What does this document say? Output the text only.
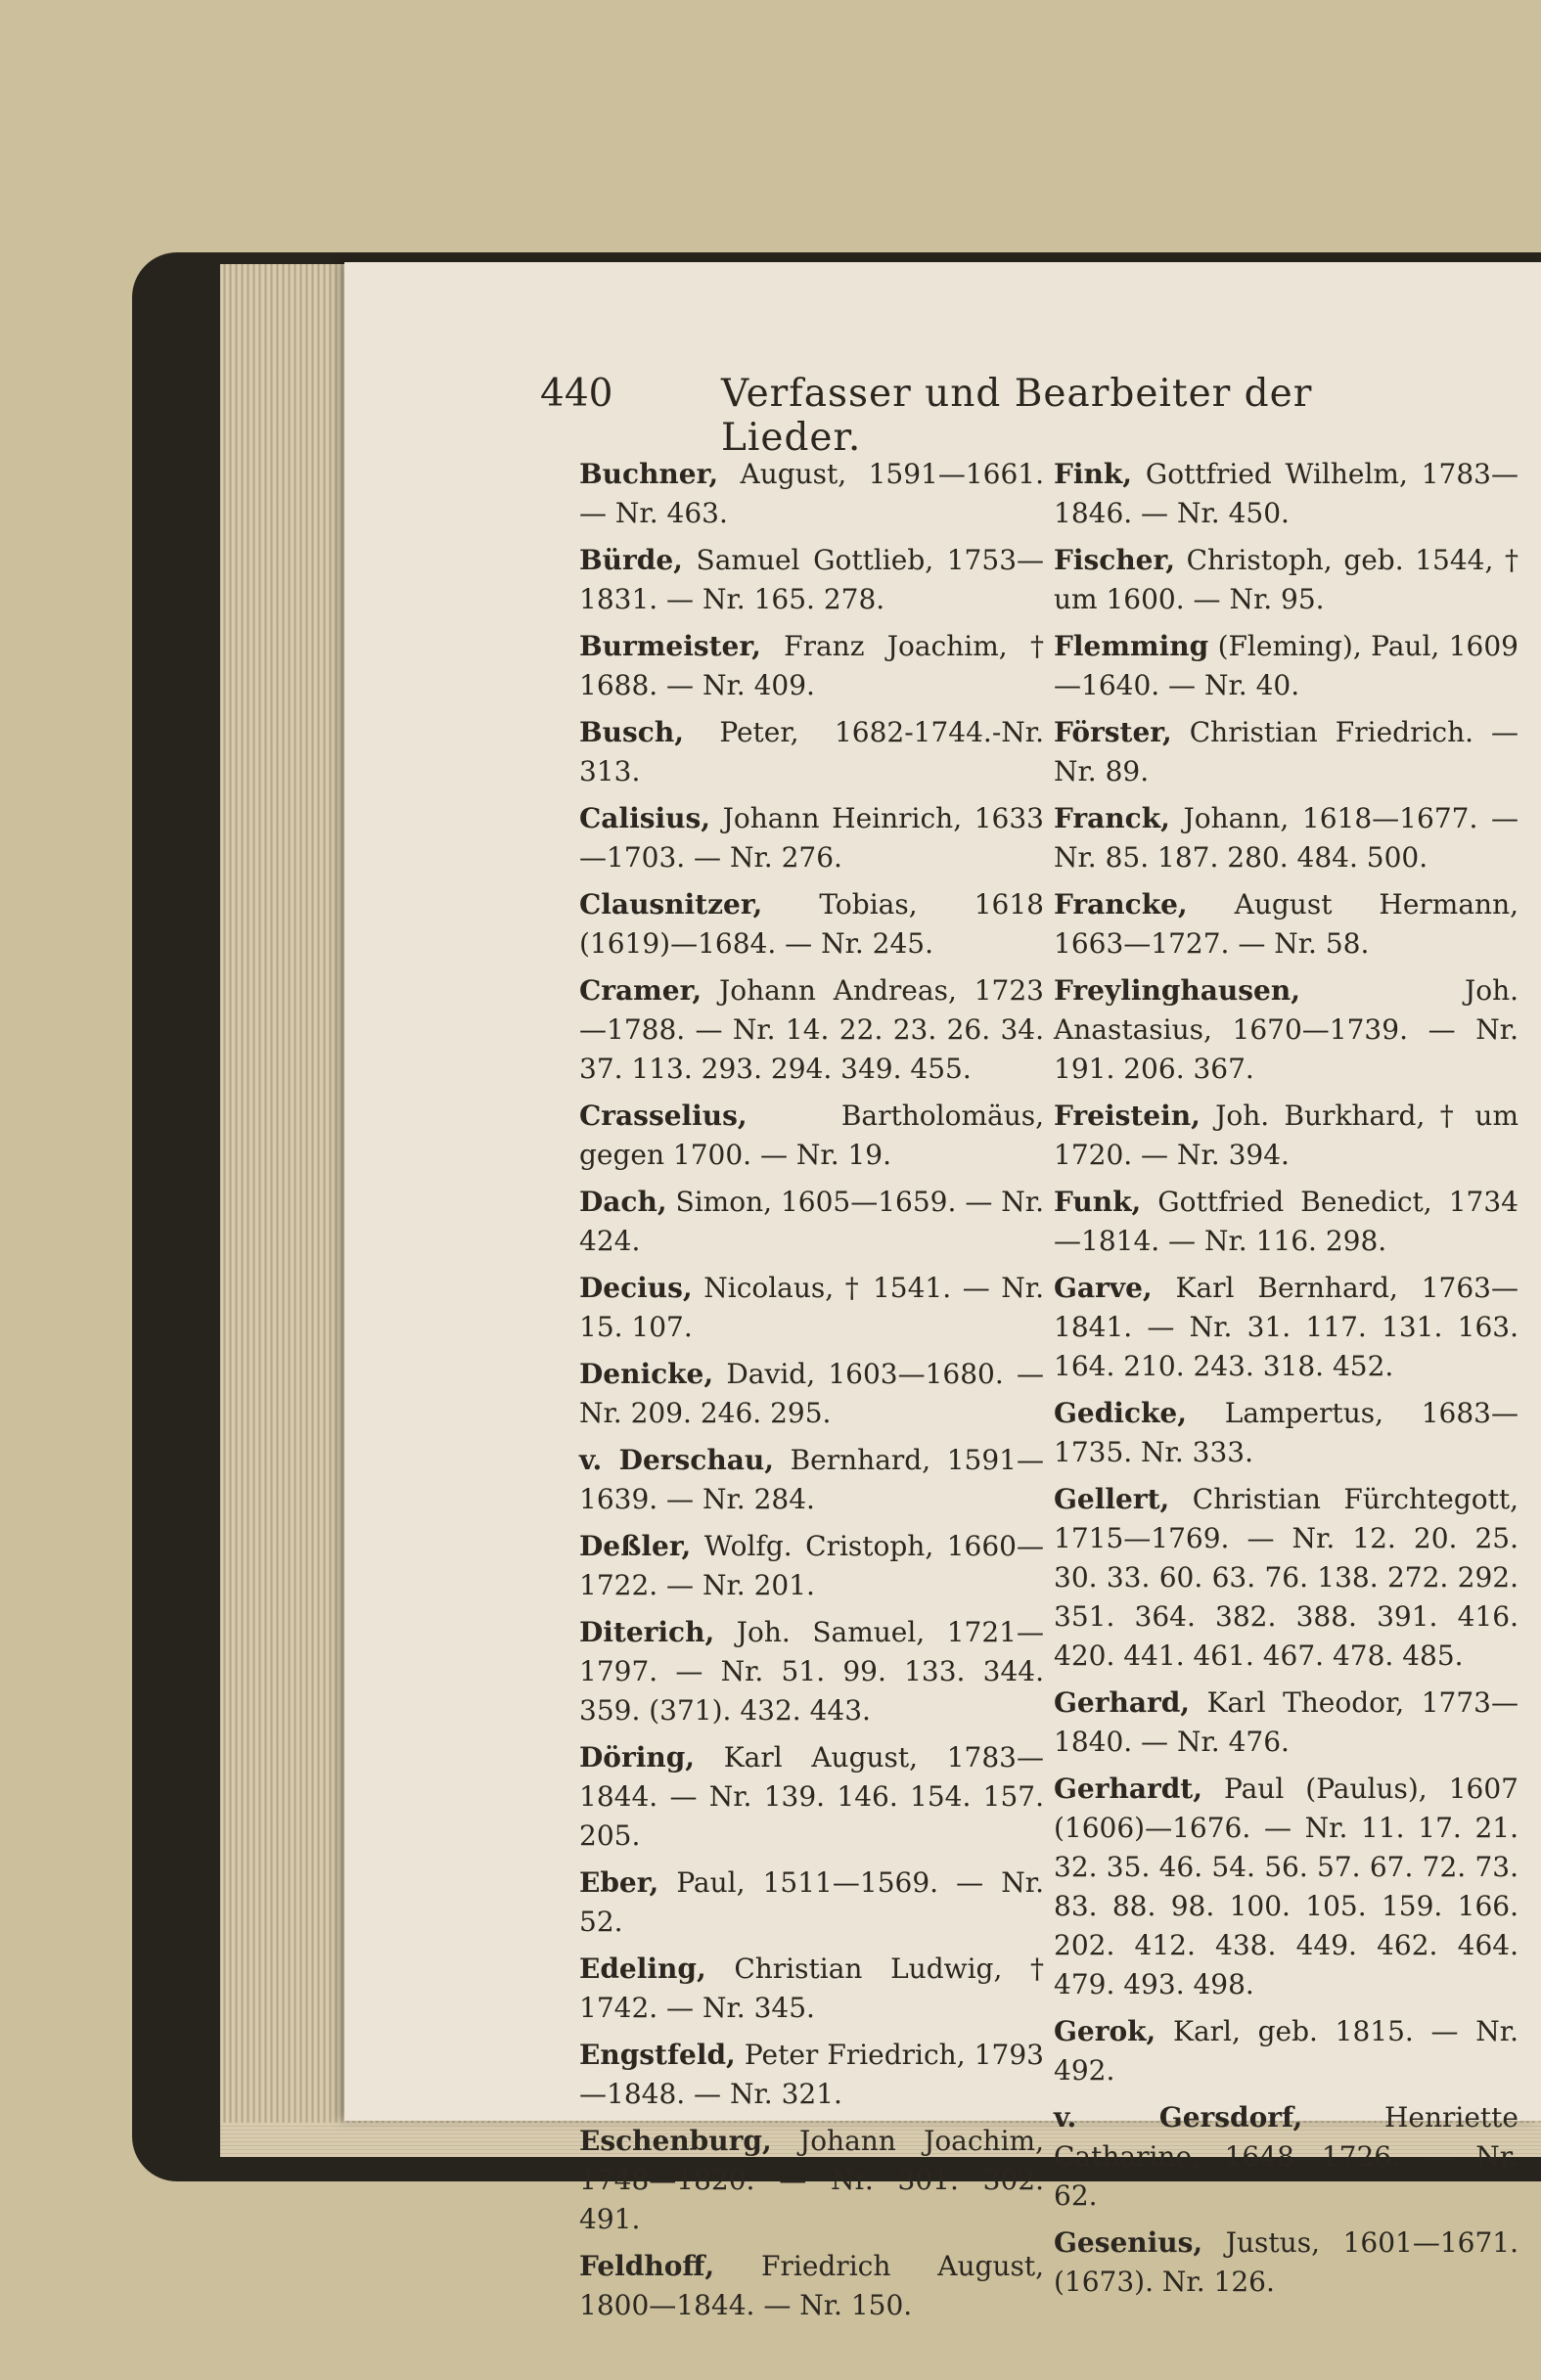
440	Verfasser und Bearbeiter der Lieder.
Buchner, August, 1591—1661. — Nr. 463.
Bürde, Samuel Gottlieb, 1753—1831. — Nr. 165. 278.
Burmeister, Franz Joachim, † 1688. — Nr. 409.
Busch, Peter, 1682-1744.-Nr. 313.
Calisius, Johann Heinrich, 1633—1703. — Nr. 276.
Clausnitzer, Tobias, 1618 (1619)—1684. — Nr. 245.
Cramer, Johann Andreas, 1723—1788. — Nr. 14. 22. 23. 26. 34. 37. 113. 293. 294. 349. 455.
Crasselius,	Bartholomäus, gegen 1700. — Nr. 19.
Dach, Simon, 1605—1659. — Nr. 424.
Decius, Nicolaus, † 1541. — Nr. 15. 107.
Denicke, David, 1603—1680. — Nr. 209. 246. 295.
v. Derschau, Bernhard, 1591—1639. — Nr. 284.
Deßler, Wolfg. Cristoph, 1660—1722. — Nr. 201.
Diterich, Joh. Samuel, 1721—1797. — Nr. 51. 99. 133. 344. 359. (371). 432. 443.
Döring, Karl August, 1783—1844. — Nr. 139. 146. 154. 157. 205.
Eber, Paul, 1511—1569. — Nr. 52.
Edeling, Christian Ludwig, † 1742. — Nr. 345.
Engstfeld, Peter Friedrich, 1793—1848. — Nr. 321.
Eschenburg, Johann Joachim, 1748—1820. — Nr. 301. 302. 491.
Feldhoff, Friedrich August, 1800—1844. — Nr. 150.
Fink, Gottfried Wilhelm, 1783—1846. — Nr. 450.
Fischer, Christoph, geb. 1544, † um 1600. — Nr. 95.
Flemming (Fleming), Paul, 1609—1640. — Nr. 40.
Förster, Christian Friedrich. — Nr. 89.
Franck, Johann, 1618—1677. — Nr. 85. 187. 280. 484. 500.
Francke, August Hermann, 1663—1727. — Nr. 58.
Freylinghausen,	Joh. Anastasius, 1670—1739. — Nr. 191. 206. 367.
Freistein, Joh. Burkhard, † um 1720. — Nr. 394.
Funk, Gottfried Benedict, 1734—1814. — Nr. 116. 298.
Garve, Karl Bernhard, 1763—1841. — Nr. 31. 117. 131. 163. 164. 210. 243. 318. 452.
Gedicke, Lampertus, 1683—1735. Nr. 333.
Gellert, Christian Fürchtegott, 1715—1769. — Nr. 12. 20. 25. 30. 33. 60. 63. 76. 138. 272. 292. 351. 364. 382. 388. 391. 416. 420. 441. 461. 467. 478. 485.
Gerhard, Karl Theodor, 1773—1840. — Nr. 476.
Gerhardt, Paul (Paulus), 1607 (1606)—1676. — Nr. 11. 17. 21. 32. 35. 46. 54. 56. 57. 67. 72. 73. 83. 88. 98. 100. 105. 159. 166. 202. 412. 438. 449. 462. 464. 479. 493. 498.
Gerok, Karl, geb. 1815. — Nr. 492.
v. Gersdorf,	Henriette Catharine, 1648—1726. — Nr. 62.
Gesenius, Justus, 1601—1671. (1673). Nr. 126.
